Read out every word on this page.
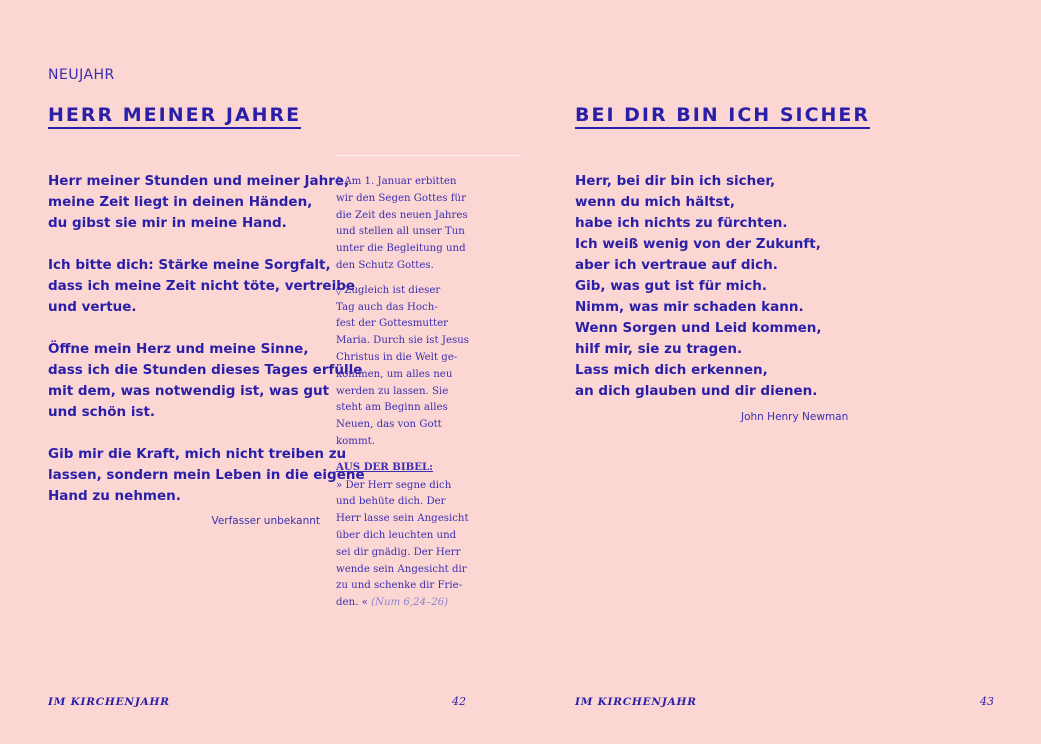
NEUJAHR
HERR MEINER JAHRE
Herr meiner Stunden und meiner Jahre,
meine Zeit liegt in deinen Händen,
du gibst sie mir in meine Hand.
Ich bitte dich: Stärke meine Sorgfalt,
dass ich meine Zeit nicht töte, vertreibe
und vertue.
Öffne mein Herz und meine Sinne,
dass ich die Stunden dieses Tages erfülle
mit dem, was notwendig ist, was gut
und schön ist.
Gib mir die Kraft, mich nicht treiben zu
lassen, sondern mein Leben in die eigene
Hand zu nehmen.
Verfasser unbekannt
◊ Am 1. Januar erbitten
wir den Segen Gottes für
die Zeit des neuen Jahres
und stellen all unser Tun
unter die Begleitung und
den Schutz Gottes.
◊ Zugleich ist dieser
Tag auch das Hoch-
fest der Gottesmutter
Maria. Durch sie ist Jesus
Christus in die Welt ge-
kommen, um alles neu
werden zu lassen. Sie
steht am Beginn alles
Neuen, das von Gott
kommt.
AUS DER BIBEL:
» Der Herr segne dich
und behüte dich. Der
Herr lasse sein Angesicht
über dich leuchten und
sei dir gnädig. Der Herr
wende sein Angesicht dir
zu und schenke dir Frie-
den. « (Num 6,24–26)
IM KIRCHENJAHR	42
BEI DIR BIN ICH SICHER
Herr, bei dir bin ich sicher,
wenn du mich hältst,
habe ich nichts zu fürchten.
Ich weiß wenig von der Zukunft,
aber ich vertraue auf dich.
Gib, was gut ist für mich.
Nimm, was mir schaden kann.
Wenn Sorgen und Leid kommen,
hilf mir, sie zu tragen.
Lass mich dich erkennen,
an dich glauben und dir dienen.
John Henry Newman
IM KIRCHENJAHR	43
